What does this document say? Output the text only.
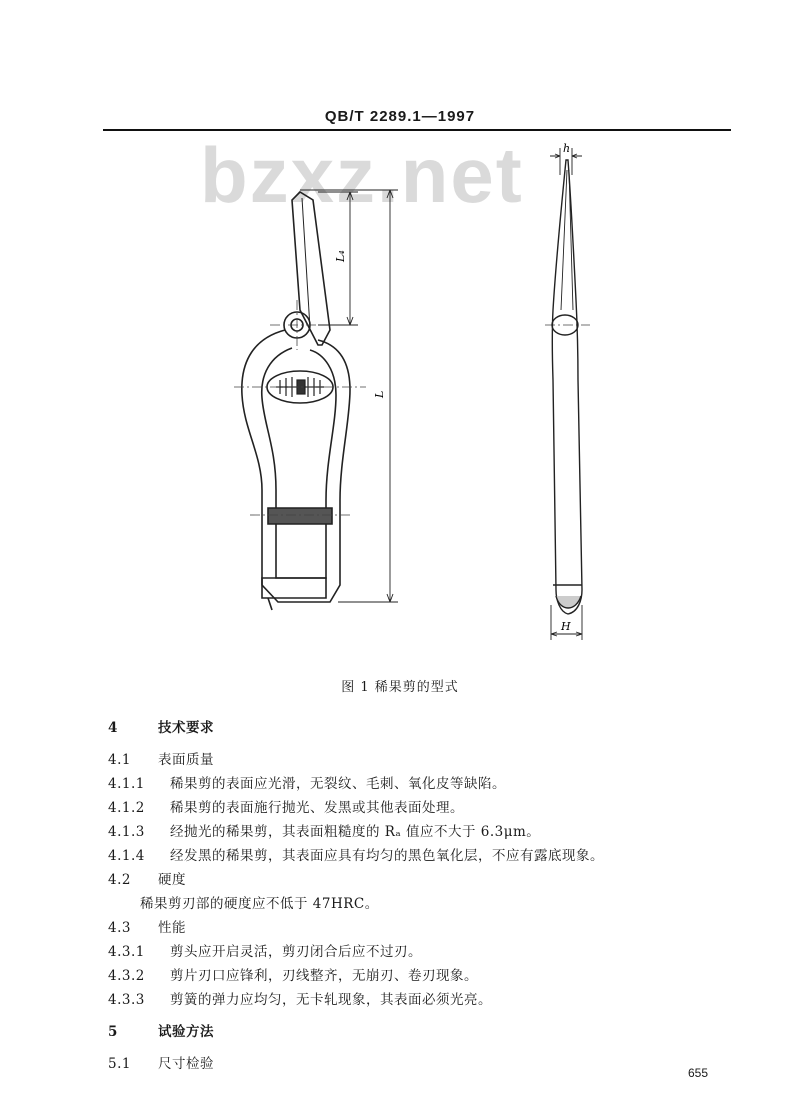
QB/T 2289.1—1997
bzxz.net
L₄
L
h
H
图 1 稀果剪的型式
4	技术要求
4.1 表面质量
4.1.1 稀果剪的表面应光滑，无裂纹、毛刺、氧化皮等缺陷。
4.1.2 稀果剪的表面施行抛光、发黑或其他表面处理。
4.1.3 经抛光的稀果剪，其表面粗糙度的 Rₐ 值应不大于 6.3μm。
4.1.4 经发黑的稀果剪，其表面应具有均匀的黑色氧化层，不应有露底现象。
4.2 硬度
稀果剪刃部的硬度应不低于 47HRC。
4.3 性能
4.3.1 剪头应开启灵活，剪刃闭合后应不过刃。
4.3.2 剪片刃口应锋利，刃线整齐，无崩刃、卷刃现象。
4.3.3 剪簧的弹力应均匀，无卡轧现象，其表面必须光亮。
5	试验方法
5.1 尺寸检验
655
